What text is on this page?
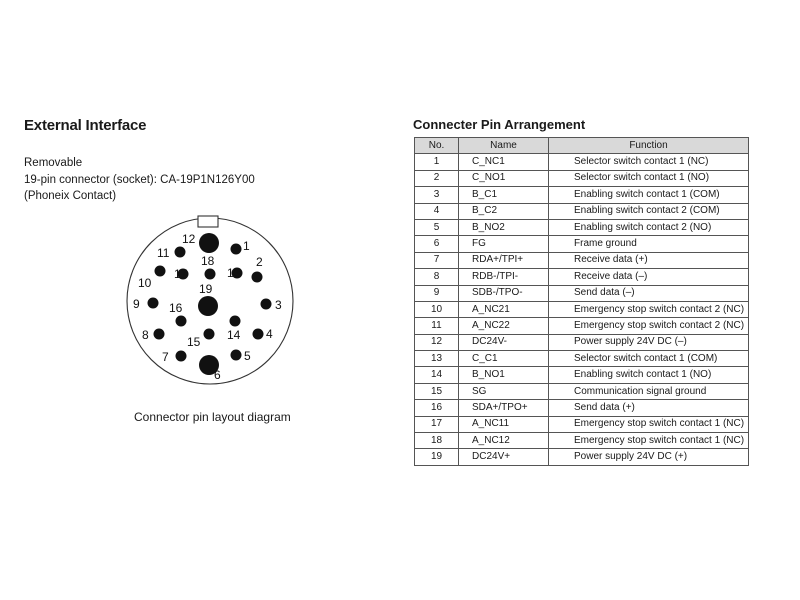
External Interface
Removable
19-pin connector (socket): CA-19P1N126Y00
(Phoneix Contact)
12
11	1
18	2
17	13
10	19
9	3
16
14
8	4
15
7	5
6
Connector pin layout diagram
Connecter Pin Arrangement
No.	Name	Function
1	C_NC1	Selector switch contact 1 (NC)
2	C_NO1	Selector switch contact 1 (NO)
3	B_C1	Enabling switch contact 1 (COM)
4	B_C2	Enabling switch contact 2 (COM)
5	B_NO2	Enabling switch contact 2 (NO)
6	FG	Frame ground
7	RDA+/TPI+	Receive data (+)
8	RDB-/TPI-	Receive data (–)
9	SDB-/TPO-	Send data (–)
10	A_NC21	Emergency stop switch contact 2 (NC)
11	A_NC22	Emergency stop switch contact 2 (NC)
12	DC24V-	Power supply 24V DC (–)
13	C_C1	Selector switch contact 1 (COM)
14	B_NO1	Enabling switch contact 1 (NO)
15	SG	Communication signal ground
16	SDA+/TPO+	Send data (+)
17	A_NC11	Emergency stop switch contact 1 (NC)
18	A_NC12	Emergency stop switch contact 1 (NC)
19	DC24V+	Power supply 24V DC (+)
